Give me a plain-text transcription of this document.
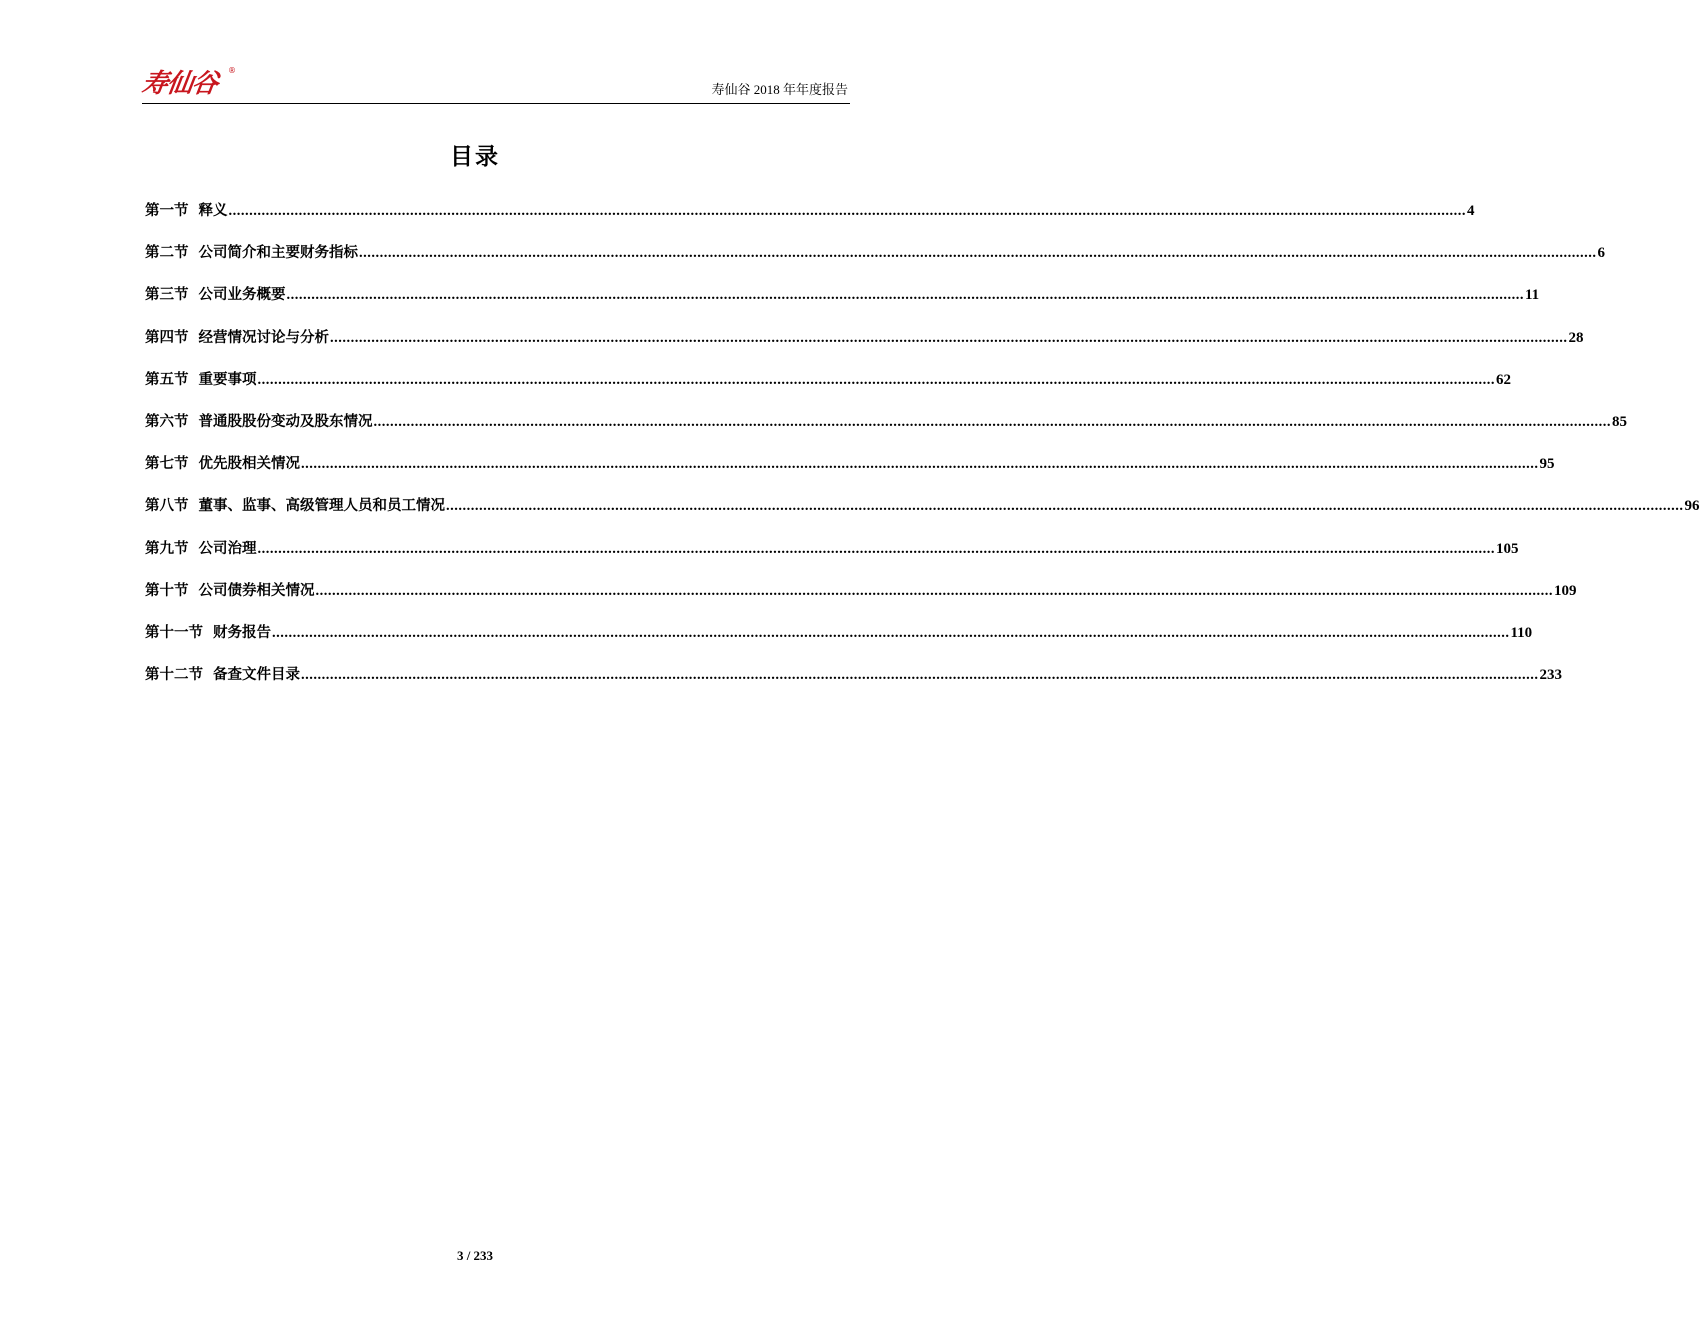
寿仙谷	®
寿仙谷 2018 年年度报告
目录
第一节 释义 ............................................................................................................................................................................................................................................................................................................ 4
第二节 公司简介和主要财务指标 ............................................................................................................................................................................................................................................................................................................ 6
第三节 公司业务概要 ............................................................................................................................................................................................................................................................................................................ 11
第四节 经营情况讨论与分析 ............................................................................................................................................................................................................................................................................................................ 28
第五节 重要事项 ............................................................................................................................................................................................................................................................................................................ 62
第六节 普通股股份变动及股东情况 ............................................................................................................................................................................................................................................................................................................ 85
第七节 优先股相关情况 ............................................................................................................................................................................................................................................................................................................ 95
第八节 董事、监事、高级管理人员和员工情况 ............................................................................................................................................................................................................................................................................................................ 96
第九节 公司治理 ............................................................................................................................................................................................................................................................................................................ 105
第十节 公司债券相关情况 ............................................................................................................................................................................................................................................................................................................ 109
第十一节 财务报告 ............................................................................................................................................................................................................................................................................................................ 110
第十二节 备查文件目录 ............................................................................................................................................................................................................................................................................................................ 233
3 / 233
